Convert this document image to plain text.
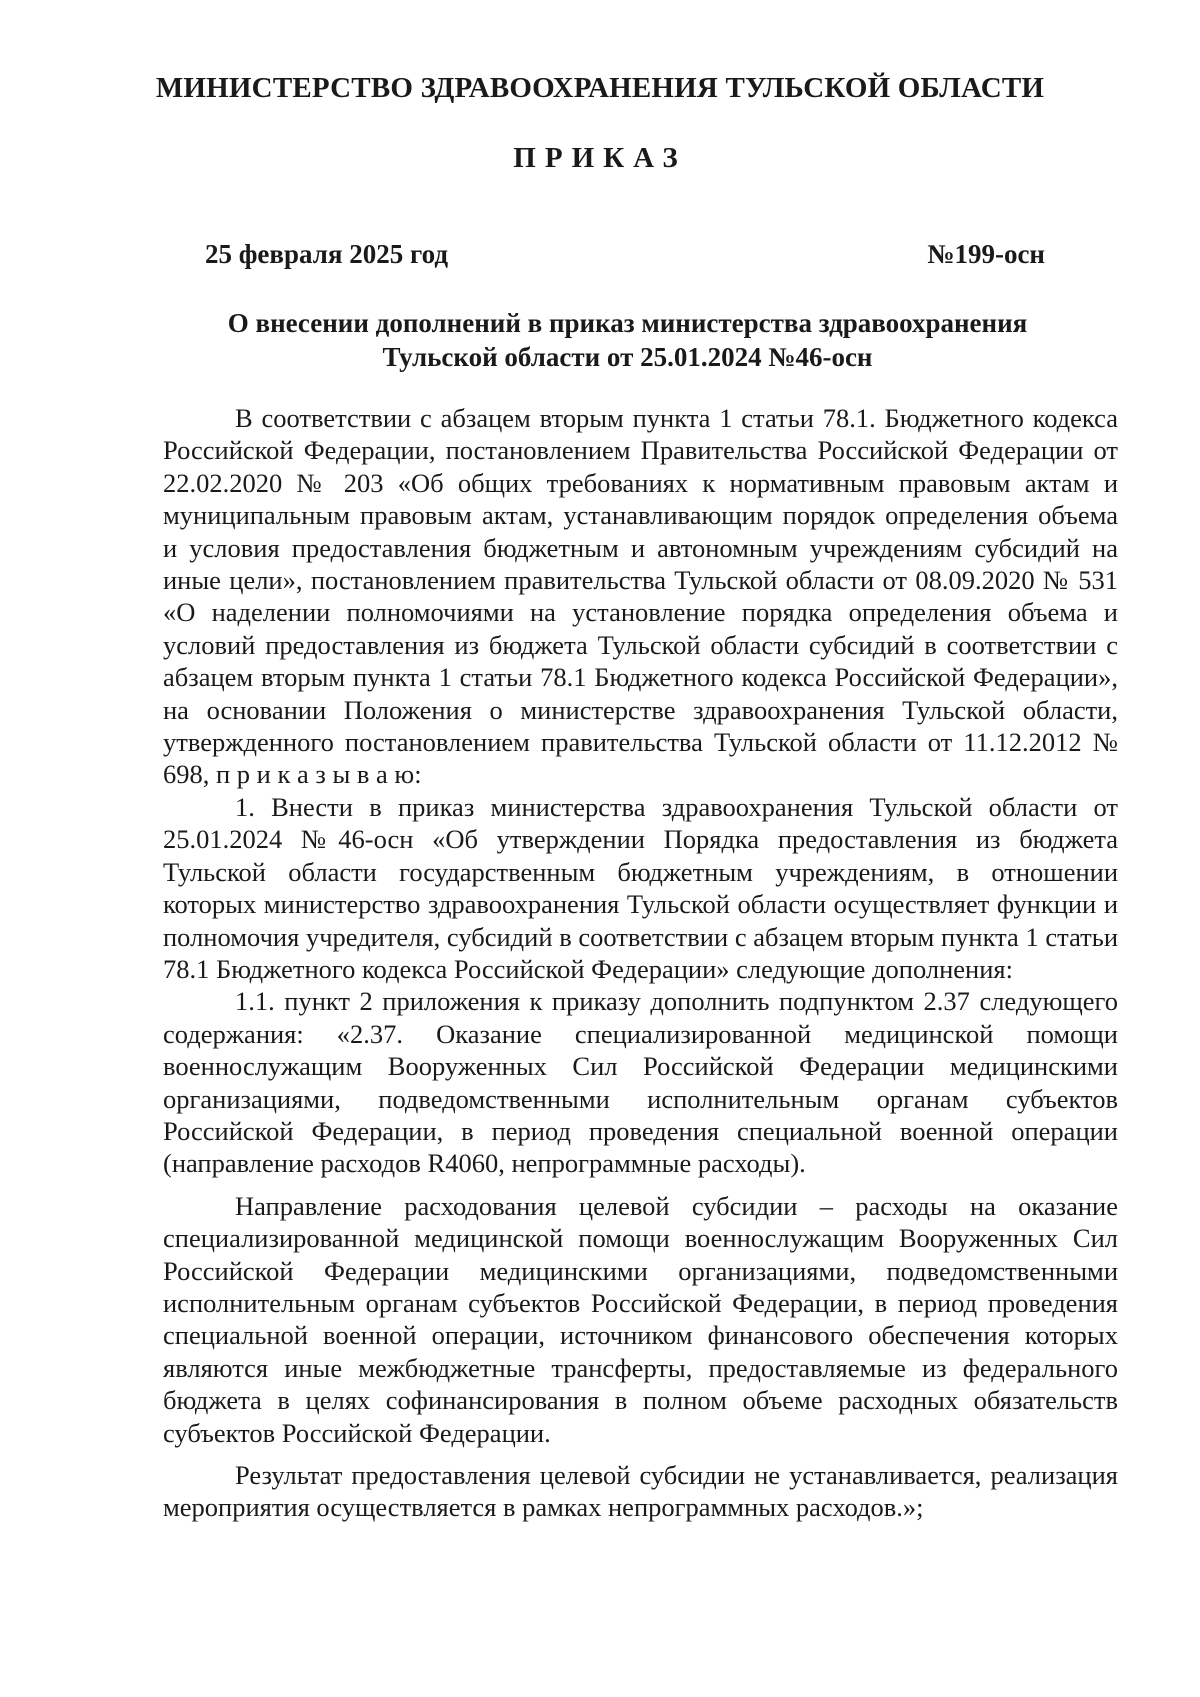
МИНИСТЕРСТВО ЗДРАВООХРАНЕНИЯ ТУЛЬСКОЙ ОБЛАСТИ
ПРИКАЗ
25 февраля 2025 год	№199-осн
О внесении дополнений в приказ министерства здравоохранения
Тульской области от 25.01.2024 №46-осн

В соответствии с абзацем вторым пункта 1 статьи 78.1. Бюджетного кодекса Российской Федерации, постановлением Правительства Российской Федерации от 22.02.2020 № 203 «Об общих требованиях к нормативным правовым актам и муниципальным правовым актам, устанавливающим порядок определения объема и условия предоставления бюджетным и автономным учреждениям субсидий на иные цели», постановлением правительства Тульской области от 08.09.2020 № 531 «О наделении полномочиями на установление порядка определения объема и условий предоставления из бюджета Тульской области субсидий в соответствии с абзацем вторым пункта 1 статьи 78.1 Бюджетного кодекса Российской Федерации», на основании Положения о министерстве здравоохранения Тульской области, утвержденного постановлением правительства Тульской области от 11.12.2012 № 698, п р и к а з ы в а ю:

1. Внести в приказ министерства здравоохранения Тульской области от 25.01.2024 №46-осн «Об утверждении Порядка предоставления из бюджета Тульской области государственным бюджетным учреждениям, в отношении которых министерство здравоохранения Тульской области осуществляет функции и полномочия учредителя, субсидий в соответствии с абзацем вторым пункта 1 статьи 78.1 Бюджетного кодекса Российской Федерации» следующие дополнения:

1.1. пункт 2 приложения к приказу дополнить подпунктом 2.37 следующего содержания: «2.37. Оказание специализированной медицинской помощи военнослужащим Вооруженных Сил Российской Федерации медицинскими организациями, подведомственными исполнительным органам субъектов Российской Федерации, в период проведения специальной военной операции (направление расходов R4060, непрограммные расходы).

Направление расходования целевой субсидии – расходы на оказание специализированной медицинской помощи военнослужащим Вооруженных Сил Российской Федерации медицинскими организациями, подведомственными исполнительным органам субъектов Российской Федерации, в период проведения специальной военной операции, источником финансового обеспечения которых являются иные межбюджетные трансферты, предоставляемые из федерального бюджета в целях софинансирования в полном объеме расходных обязательств субъектов Российской Федерации.

Результат предоставления целевой субсидии не устанавливается, реализация мероприятия осуществляется в рамках непрограммных расходов.»;
